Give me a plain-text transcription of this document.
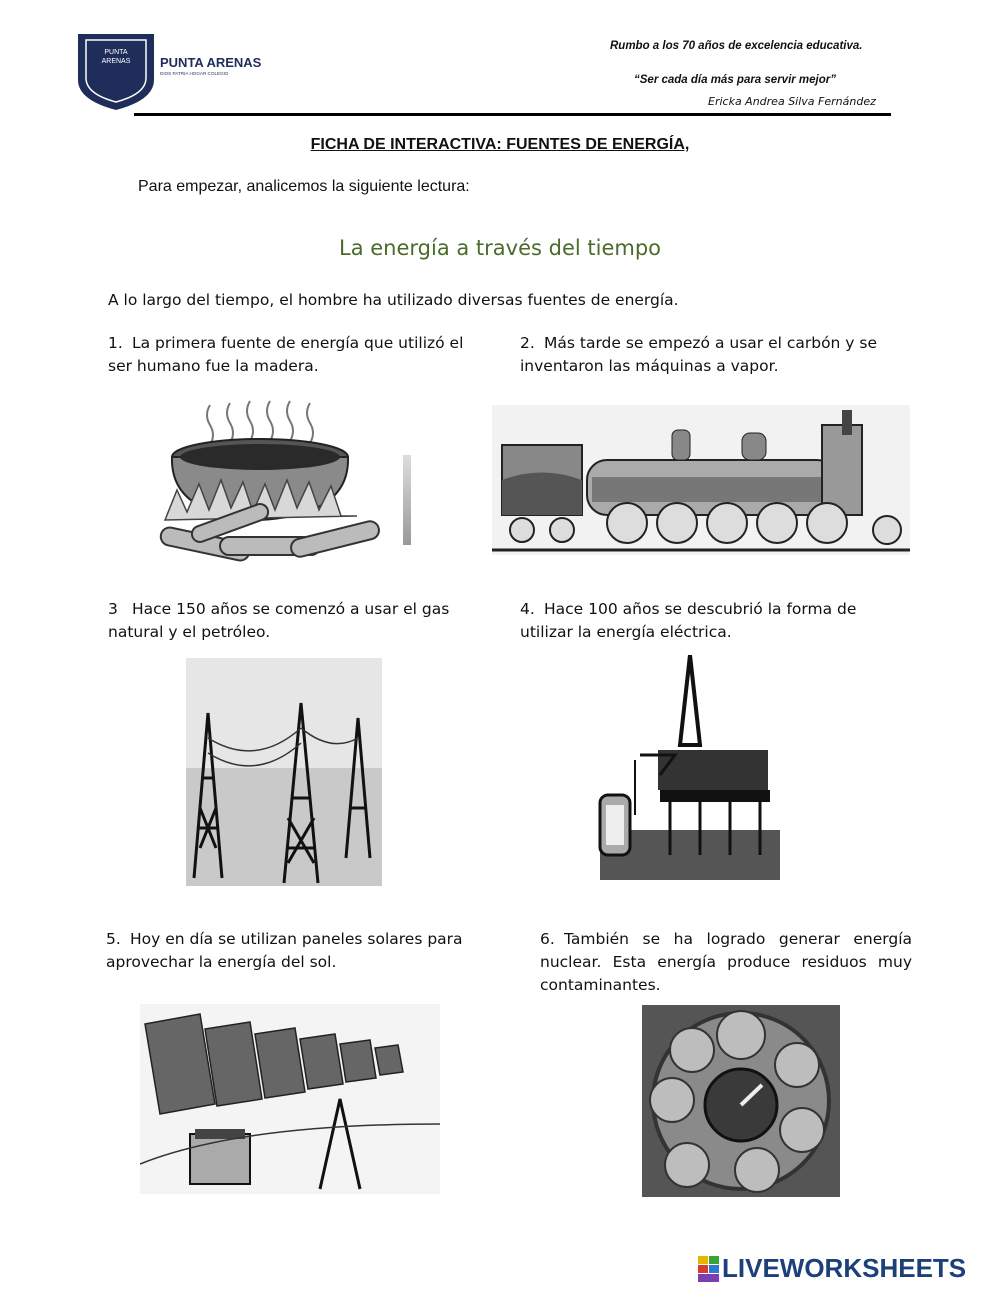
PUNTA
ARENAS PUNTA ARENAS
DIOS PATRIA HOGAR COLEGIO
Rumbo a los 70 años de excelencia educativa.
“Ser cada día más para servir mejor”
Ericka Andrea Silva Fernández
FICHA DE INTERACTIVA: FUENTES DE ENERGÍA,
Para empezar, analicemos la siguiente lectura:
La energía a través del tiempo
A lo largo del tiempo, el hombre ha utilizado diversas fuentes de energía.
1. La primera fuente de energía que utilizó el ser humano fue la madera.
2. Más tarde se empezó a usar el carbón y se inventaron las máquinas a vapor.
3 Hace 150 años se comenzó a usar el gas natural y el petróleo.
4. Hace 100 años se descubrió la forma de utilizar la energía eléctrica.
5. Hoy en día se utilizan paneles solares para aprovechar la energía del sol.
6. También se ha logrado generar energía nuclear. Esta energía produce residuos muy contaminantes.
LIVEWORKSHEETS
